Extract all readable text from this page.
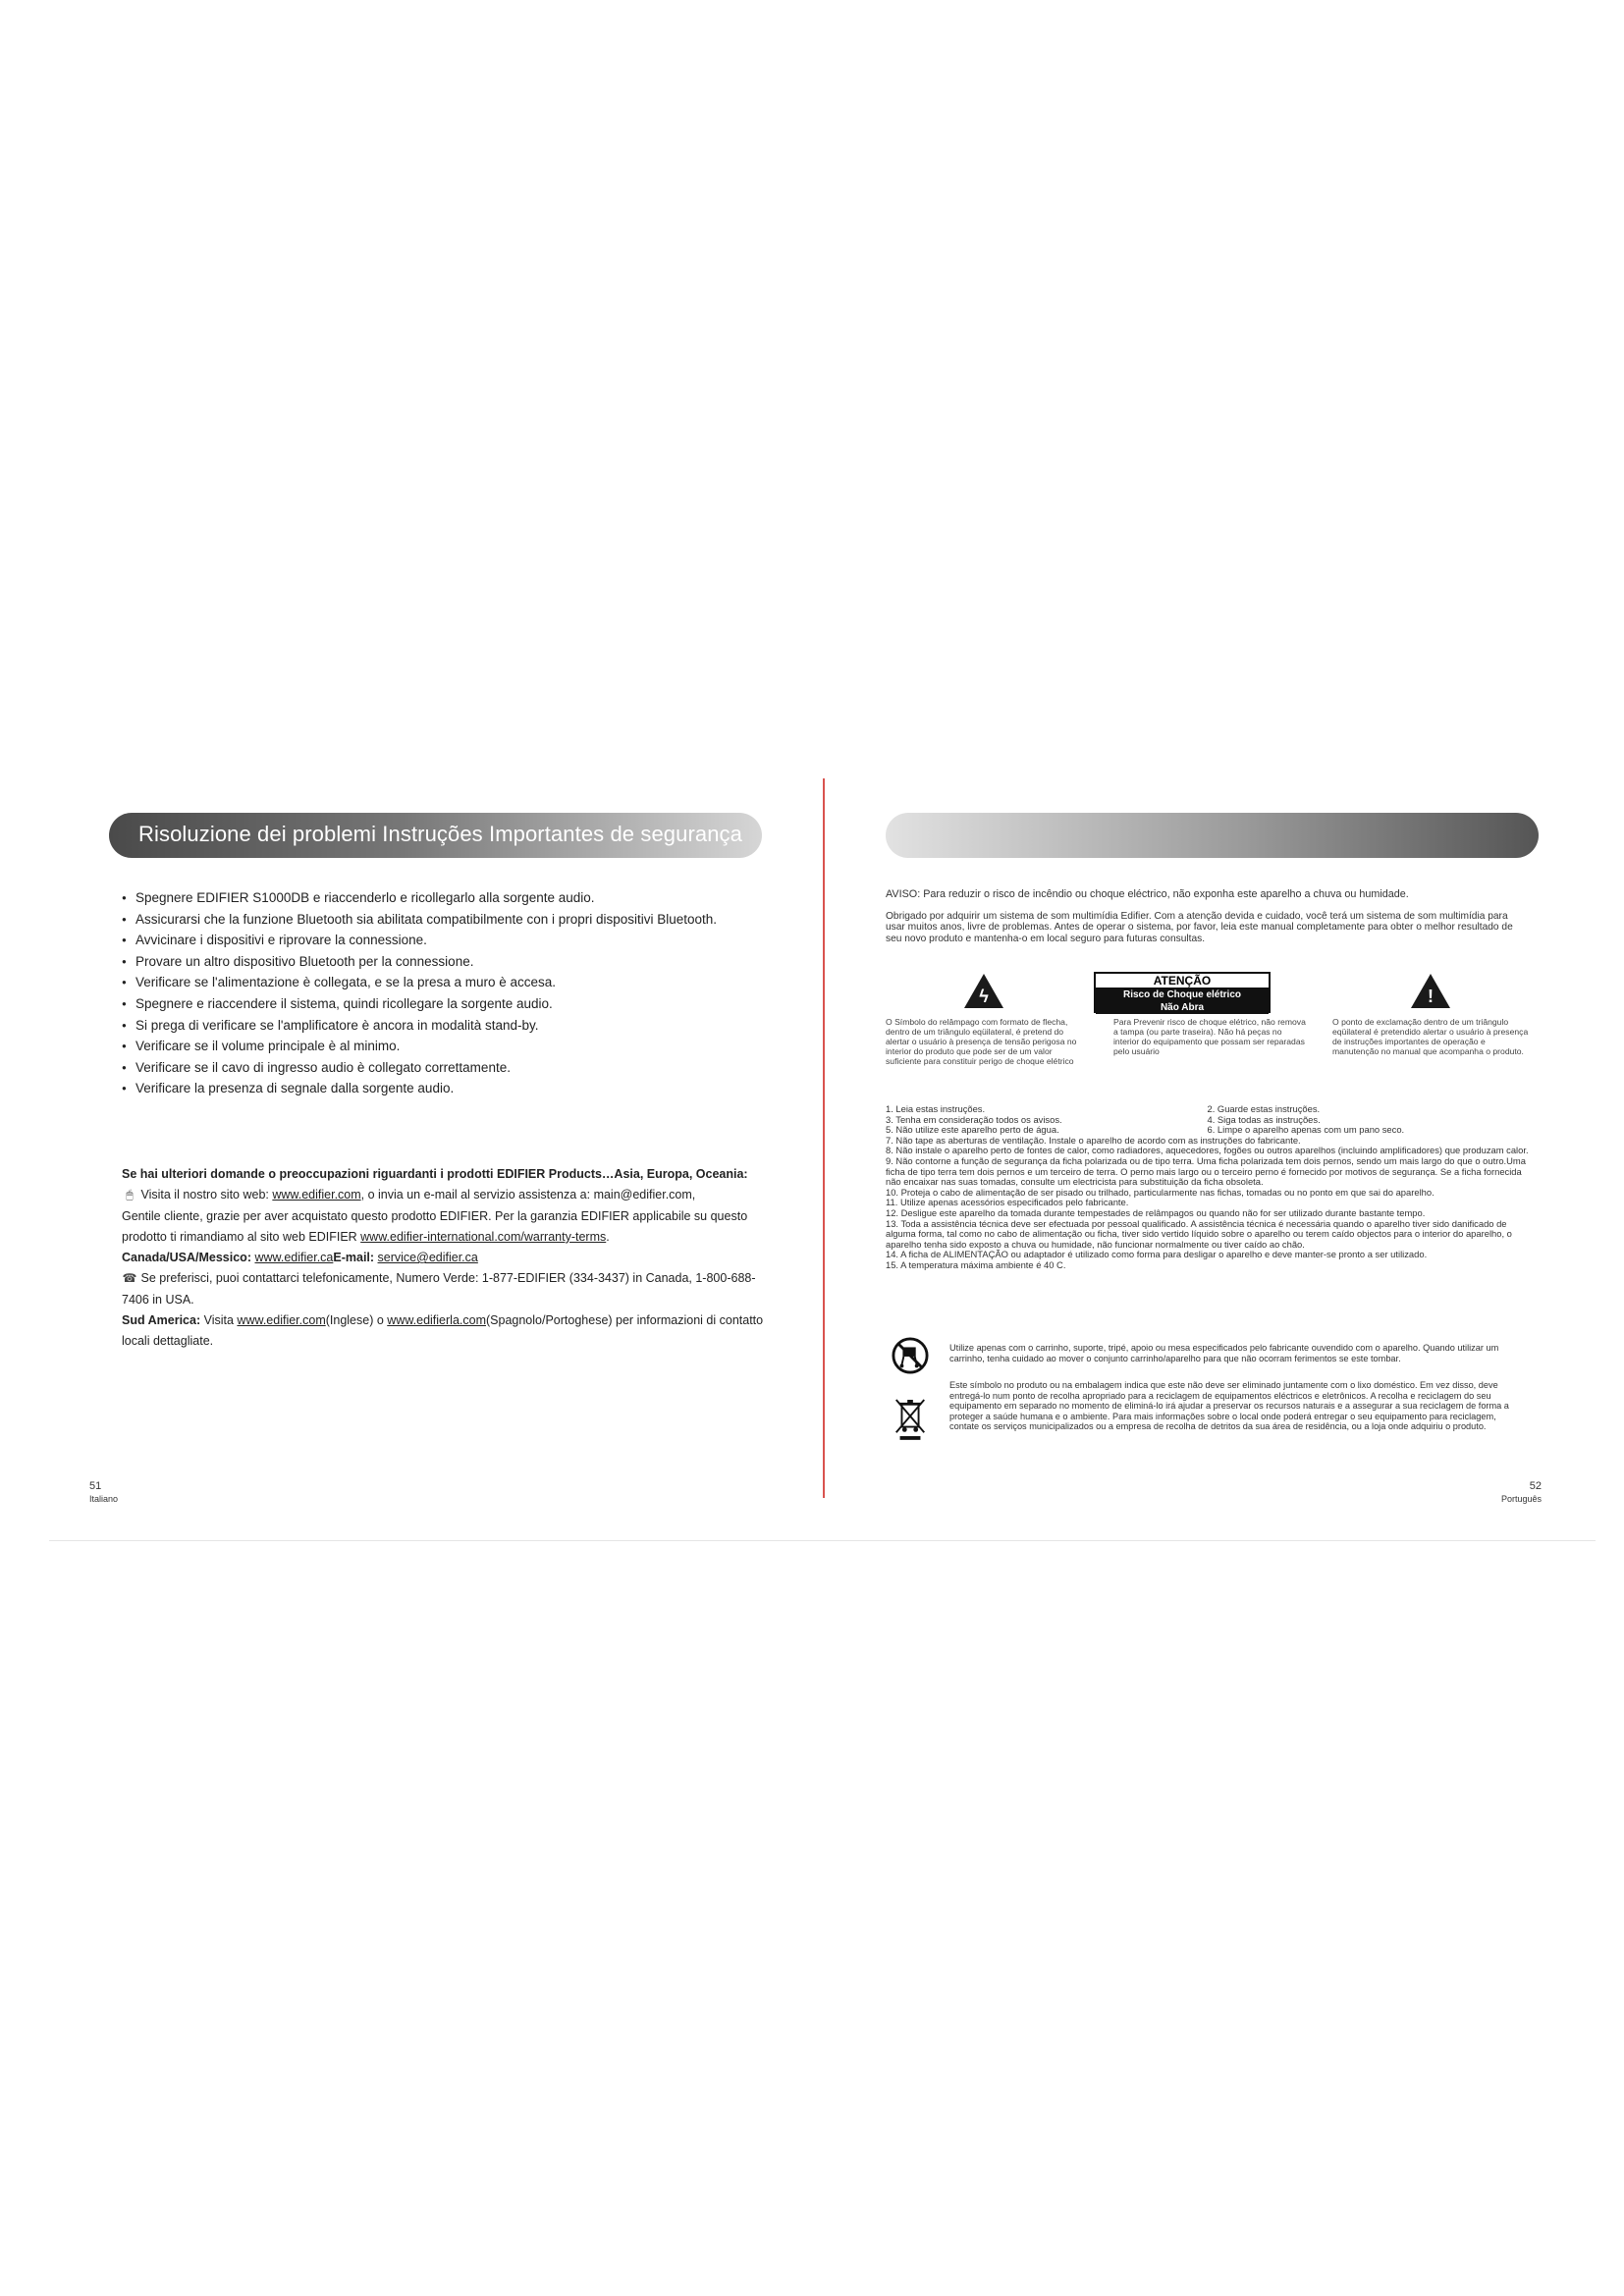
Risoluzione dei problemi Instruções Importantes de segurança
● Spegnere EDIFIER S1000DB e riaccenderlo e ricollegarlo alla sorgente audio.
● Assicurarsi che la funzione Bluetooth sia abilitata compatibilmente con i propri dispositivi Bluetooth.
● Avvicinare i dispositivi e riprovare la connessione.
● Provare un altro dispositivo Bluetooth per la connessione.
● Verificare se l'alimentazione è collegata, e se la presa a muro è accesa.
● Spegnere e riaccendere il sistema, quindi ricollegare la sorgente audio.
● Si prega di verificare se l'amplificatore è ancora in modalità stand-by.
● Verificare se il volume principale è al minimo.
● Verificare se il cavo di ingresso audio è collegato correttamente.
● Verificare la presenza di segnale dalla sorgente audio.

Se hai ulteriori domande o preoccupazioni riguardanti i prodotti EDIFIER Products…Asia, Europa, Oceania:

🖱 Visita il nostro sito web: www.edifier.com, o invia un e-mail al servizio assistenza a: main@edifier.com,

Gentile cliente, grazie per aver acquistato questo prodotto EDIFIER. Per la garanzia EDIFIER applicabile su questo prodotto ti rimandiamo al sito web EDIFIER www.edifier-international.com/warranty-terms.

Canada/USA/Messico: www.edifier.caE-mail: service@edifier.ca

☎ Se preferisci, puoi contattarci telefonicamente, Numero Verde: 1-877-EDIFIER (334-3437) in Canada, 1-800-688-7406 in USA.

Sud America: Visita www.edifier.com(Inglese) o www.edifierla.com(Spagnolo/Portoghese) per informazioni di contatto locali dettagliate.

51
Italiano

AVISO: Para reduzir o risco de incêndio ou choque eléctrico, não exponha este aparelho a chuva ou humidade.

Obrigado por adquirir um sistema de som multimídia Edifier. Com a atenção devida e cuidado, você terá um sistema de som multimídia para usar muitos anos, livre de problemas. Antes de operar o sistema, por favor, leia este manual completamente para obter o melhor resultado de seu novo produto e mantenha-o em local seguro para futuras consultas.

ϟ
ATENÇÃO
Risco de Choque elétrico
Não Abra
!
O Símbolo do relâmpago com formato de flecha, dentro de um triângulo eqüilateral, é pretend do alertar o usuário à presença de tensão perigosa no interior do produto que pode ser de um valor suficiente para constituir perigo de choque elétrico
Para Prevenir risco de choque elétrico, não remova a tampa (ou parte traseira). Não há peças no interior do equipamento que possam ser reparadas pelo usuário
O ponto de exclamação dentro de um triângulo eqüilateral é pretendido alertar o usuário à presença de instruções importantes de operação e manutenção no manual que acompanha o produto.
1. Leia estas instruções.	2. Guarde estas instruções.
3. Tenha em consideração todos os avisos.	4. Siga todas as instruções.
5. Não utilize este aparelho perto de água.	6. Limpe o aparelho apenas com um pano seco.

7. Não tape as aberturas de ventilação. Instale o aparelho de acordo com as instruções do fabricante.

8. Não instale o aparelho perto de fontes de calor, como radiadores, aquecedores, fogões ou outros aparelhos (incluindo amplificadores) que produzam calor.

9. Não contorne a função de segurança da ficha polarizada ou de tipo terra. Uma ficha polarizada tem dois pernos, sendo um mais largo do que o outro.Uma ficha de tipo terra tem dois pernos e um terceiro de terra. O perno mais largo ou o terceiro perno é fornecido por motivos de segurança. Se a ficha fornecida não encaixar nas suas tomadas, consulte um electricista para substituição da ficha obsoleta.

10. Proteja o cabo de alimentação de ser pisado ou trilhado, particularmente nas fichas, tomadas ou no ponto em que sai do aparelho.

11. Utilize apenas acessórios especificados pelo fabricante.

12. Desligue este aparelho da tomada durante tempestades de relâmpagos ou quando não for ser utilizado durante bastante tempo.

13. Toda a assistência técnica deve ser efectuada por pessoal qualificado. A assistência técnica é necessária quando o aparelho tiver sido danificado de alguma forma, tal como no cabo de alimentação ou ficha, tiver sido vertido líquido sobre o aparelho ou terem caído objectos para o interior do aparelho, o aparelho tenha sido exposto a chuva ou humidade, não funcionar normalmente ou tiver caído ao chão.

14. A ficha de ALIMENTAÇÃO ou adaptador é utilizado como forma para desligar o aparelho e deve manter-se pronto a ser utilizado.

15. A temperatura máxima ambiente é 40 C.

Utilize apenas com o carrinho, suporte, tripé, apoio ou mesa especificados pelo fabricante ouvendido com o aparelho. Quando utilizar um carrinho, tenha cuidado ao mover o conjunto carrinho/aparelho para que não ocorram ferimentos se este tombar.
Este símbolo no produto ou na embalagem indica que este não deve ser eliminado juntamente com o lixo doméstico. Em vez disso, deve entregá-lo num ponto de recolha apropriado para a reciclagem de equipamentos eléctricos e eletrônicos. A recolha e reciclagem do seu equipamento em separado no momento de eliminá-lo irá ajudar a preservar os recursos naturais e a assegurar a sua reciclagem de forma a proteger a saúde humana e o ambiente. Para mais informações sobre o local onde poderá entregar o seu equipamento para reciclagem, contate os serviços municipalizados ou a empresa de recolha de detritos da sua área de residência, ou a loja onde adquiriu o produto.
52
Português
